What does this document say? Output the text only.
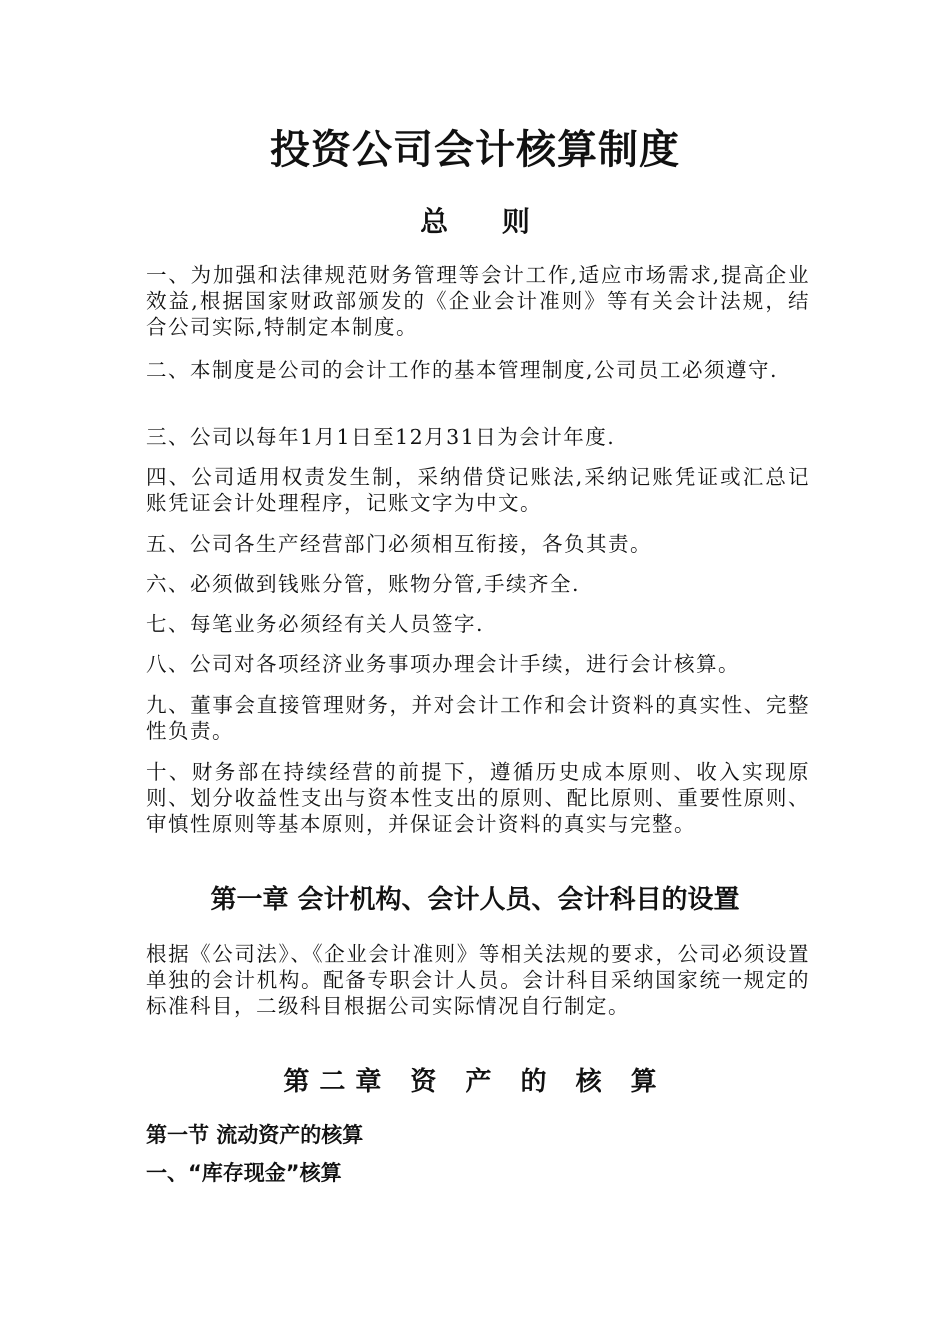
投资公司会计核算制度
总 则

一、为加强和法律规范财务管理等会计工作,适应市场需求,提高企业效益,根据国家财政部颁发的《企业会计准则》等有关会计法规，结合公司实际,特制定本制度。

二、本制度是公司的会计工作的基本管理制度,公司员工必须遵守.

三、公司以每年1月1日至12月31日为会计年度.

四、公司适用权责发生制，采纳借贷记账法,采纳记账凭证或汇总记账凭证会计处理程序，记账文字为中文。

五、公司各生产经营部门必须相互衔接，各负其责。

六、必须做到钱账分管，账物分管,手续齐全.

七、每笔业务必须经有关人员签字.

八、公司对各项经济业务事项办理会计手续，进行会计核算。

九、董事会直接管理财务，并对会计工作和会计资料的真实性、完整性负责。

十、财务部在持续经营的前提下，遵循历史成本原则、收入实现原则、划分收益性支出与资本性支出的原则、配比原则、重要性原则、审慎性原则等基本原则，并保证会计资料的真实与完整。

第一章 会计机构、会计人员、会计科目的设置

根据《公司法》、《企业会计准则》等相关法规的要求，公司必须设置单独的会计机构。配备专职会计人员。会计科目采纳国家统一规定的标准科目，二级科目根据公司实际情况自行制定。

第二章 资 产 的 核 算
第一节 流动资产的核算
一、“库存现金”核算
